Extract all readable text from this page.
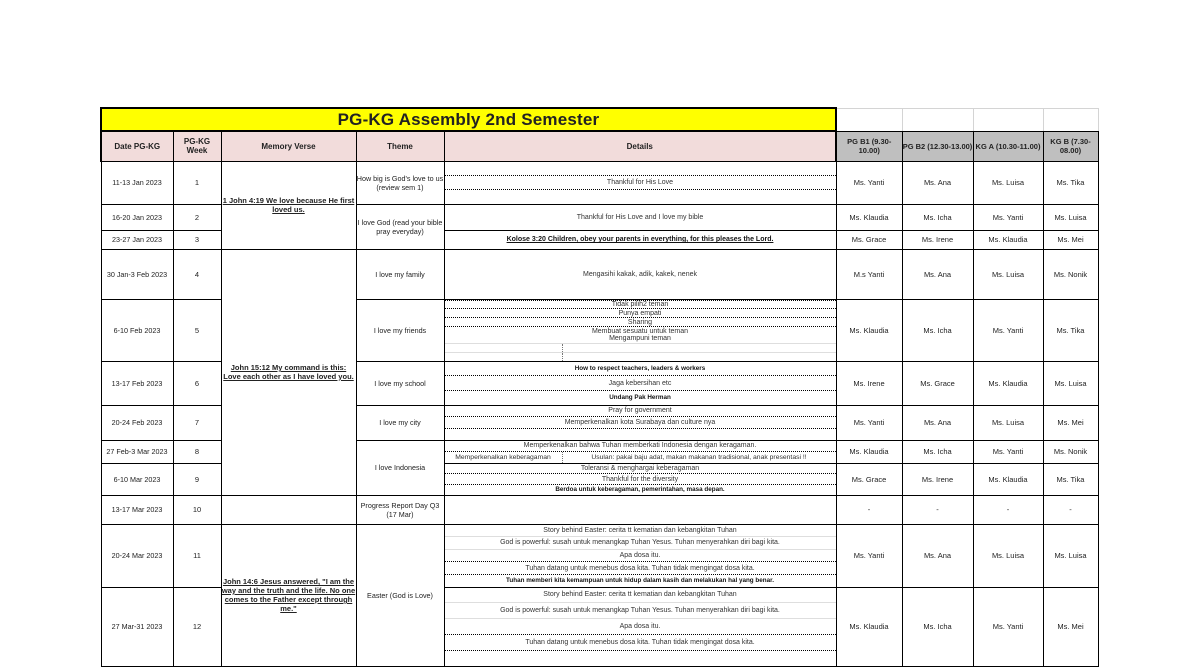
PG-KG Assembly 2nd Semester								
Date PG-KG	PG-KG Week	Memory Verse	Theme	Details	PG B1 (9.30-10.00)	PG B2 (12.30-13.00)	KG A (10.30-11.00)	KG B (7.30-08.00)
11-13 Jan 2023	1	1 John 4:19 We love because He first loved us.	How big is God's love to us (review sem 1)	Thankful for His Love	Ms. Yanti	Ms. Ana	Ms. Luisa	Ms. Tika
16-20 Jan 2023	2		I love God (read your bible pray everyday)	Thankful for His Love and I love my bible	Ms. Klaudia	Ms. Icha	Ms. Yanti	Ms. Luisa
23-27 Jan 2023	3			Kolose 3:20 Children, obey your parents in everything, for this pleases the Lord.	Ms. Grace	Ms. Irene	Ms. Klaudia	Ms. Mei
30 Jan-3 Feb 2023	4	John 15:12 My command is this: Love each other as I have loved you.	I love my family	Mengasihi kakak, adik, kakek, nenek	M.s Yanti	Ms. Ana	Ms. Luisa	Ms. Nonik
6-10 Feb 2023	5		I love my friends	Tidak pilih2 teman
Punya empati
Sharing
Membuat sesuatu untuk teman
Mengampuni teman	Ms. Klaudia	Ms. Icha	Ms. Yanti	Ms. Tika
13-17 Feb 2023	6		I love my school	How to respect teachers, leaders & workers
Jaga kebersihan etc
Undang Pak Herman	Ms. Irene	Ms. Grace	Ms. Klaudia	Ms. Luisa
20-24 Feb 2023	7		I love my city	Pray for government
Memperkenalkan kota Surabaya dan culture nya	Ms. Yanti	Ms. Ana	Ms. Luisa	Ms. Mei
27 Feb-3 Mar 2023	8		I love Indonesia	Memperkenalkan bahwa Tuhan memberkati Indonesia dengan keragaman.
Memperkenalkan keberagaman Usulan: pakai baju adat, makan makanan tradisional, anak presentasi !!	Ms. Klaudia	Ms. Icha	Ms. Yanti	Ms. Nonik
6-10 Mar 2023	9			Toleransi & menghargai keberagaman
Thankful for the diversity
Berdoa untuk keberagaman, pemerintahan, masa depan.	Ms. Grace	Ms. Irene	Ms. Klaudia	Ms. Tika
13-17 Mar 2023	10		Progress Report Day Q3 (17 Mar)		-	-	-	-
20-24 Mar 2023	11	John 14:6 Jesus answered, "I am the way and the truth and the life. No one comes to the Father except through me."	Easter (God is Love)	Story behind Easter: cerita tt kematian dan kebangkitan Tuhan
God is powerful: susah untuk menangkap Tuhan Yesus. Tuhan menyerahkan diri bagi kita.
Apa dosa itu.
Tuhan datang untuk menebus dosa kita. Tuhan tidak mengingat dosa kita.
Tuhan memberi kita kemampuan untuk hidup dalam kasih dan melakukan hal yang benar.	Ms. Yanti	Ms. Ana	Ms. Luisa	Ms. Luisa
27 Mar-31 2023	12			Story behind Easter: cerita tt kematian dan kebangkitan Tuhan
God is powerful: susah untuk menangkap Tuhan Yesus. Tuhan menyerahkan diri bagi kita.
Apa dosa itu.
Tuhan datang untuk menebus dosa kita. Tuhan tidak mengingat dosa kita.	Ms. Klaudia	Ms. Icha	Ms. Yanti	Ms. Mei
